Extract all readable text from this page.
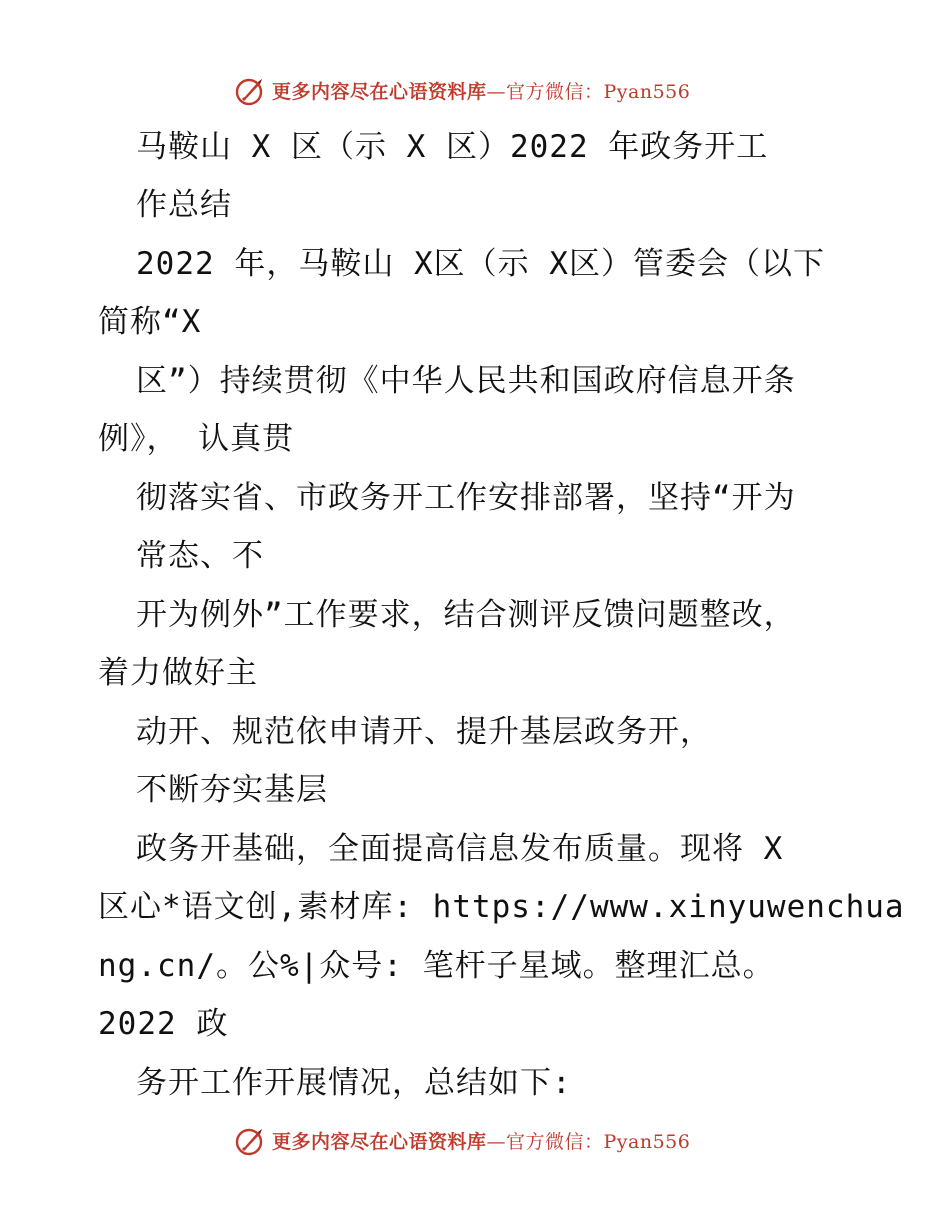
更多内容尽在心语资料库—官方微信：Pyan556

马鞍山 X 区（示 X 区）2022 年政务开工

作总结

2022 年，马鞍山 X区（示 X区）管委会（以下

简称“X

区”）持续贯彻《中华人民共和国政府信息开条

例》， 认真贯

彻落实省、市政务开工作安排部署，坚持“开为

常态、不

开为例外”工作要求，结合测评反馈问题整改，

着力做好主

动开、规范依申请开、提升基层政务开，

不断夯实基层

政务开基础，全面提高信息发布质量。现将 X

区心*语文创,素材库: https://www.xinyuwenchua

ng.cn/。公%|众号: 笔杆子星域。整理汇总。

2022 政

务开工作开展情况，总结如下:

更多内容尽在心语资料库—官方微信：Pyan556
